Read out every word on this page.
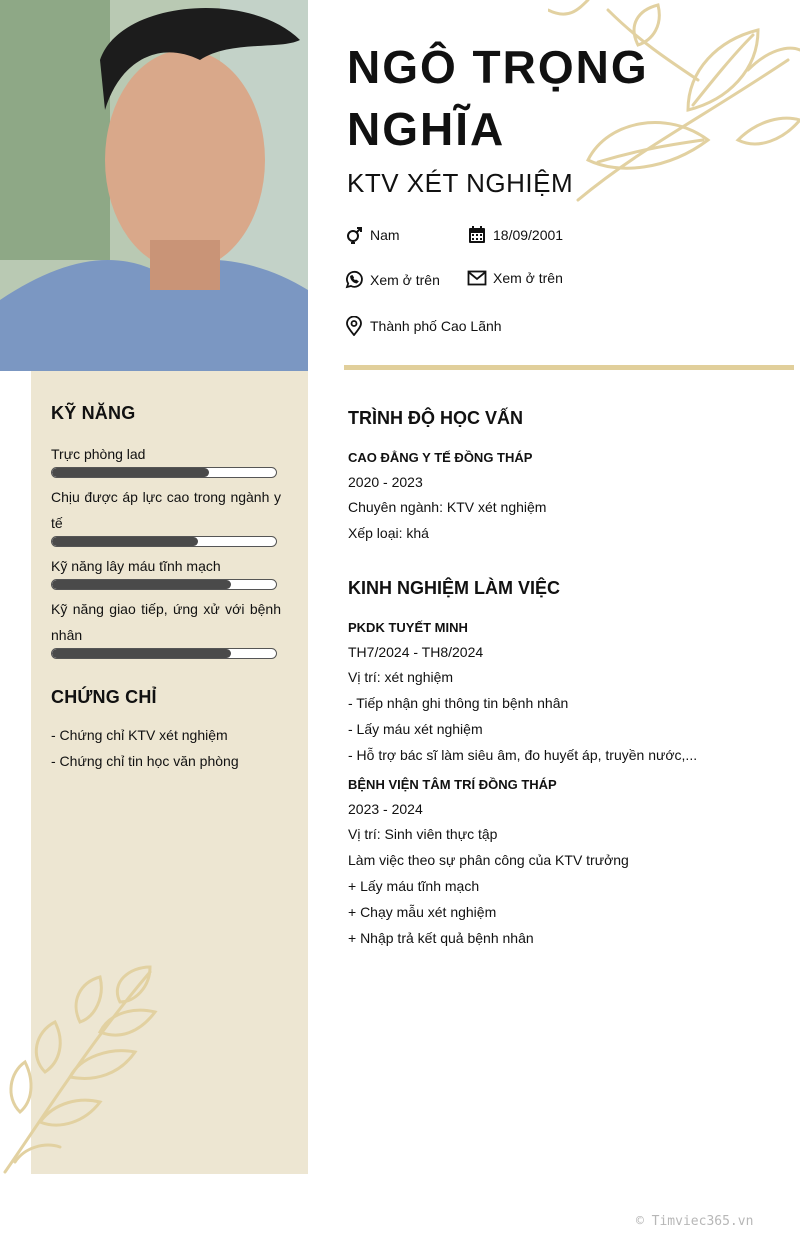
KỸ NĂNG
Trực phòng lad
Chịu được áp lực cao trong ngành y tế
Kỹ năng lây máu tĩnh mạch
Kỹ năng giao tiếp, ứng xử với bệnh nhân
CHỨNG CHỈ
- Chứng chỉ KTV xét nghiệm
- Chứng chỉ tin học văn phòng
NGÔ TRỌNG NGHĨA
KTV XÉT NGHIỆM
Nam	18/09/2001
Xem ở trên	Xem ở trên
Thành phố Cao Lãnh
TRÌNH ĐỘ HỌC VẤN
CAO ĐẲNG Y TẾ ĐỒNG THÁP
2020 - 2023
Chuyên ngành: KTV xét nghiệm
Xếp loại: khá
KINH NGHIỆM LÀM VIỆC
PKDK TUYẾT MINH
TH7/2024 - TH8/2024
Vị trí: xét nghiệm
- Tiếp nhận ghi thông tin bệnh nhân
- Lấy máu xét nghiệm
- Hỗ trợ bác sĩ làm siêu âm, đo huyết áp, truyền nước,...
BỆNH VIỆN TÂM TRÍ ĐỒNG THÁP
2023 - 2024
Vị trí: Sinh viên thực tập
Làm việc theo sự phân công của KTV trưởng
+ Lấy máu tĩnh mạch
+ Chạy mẫu xét nghiệm
+ Nhập trả kết quả bệnh nhân
© Timviec365.vn
